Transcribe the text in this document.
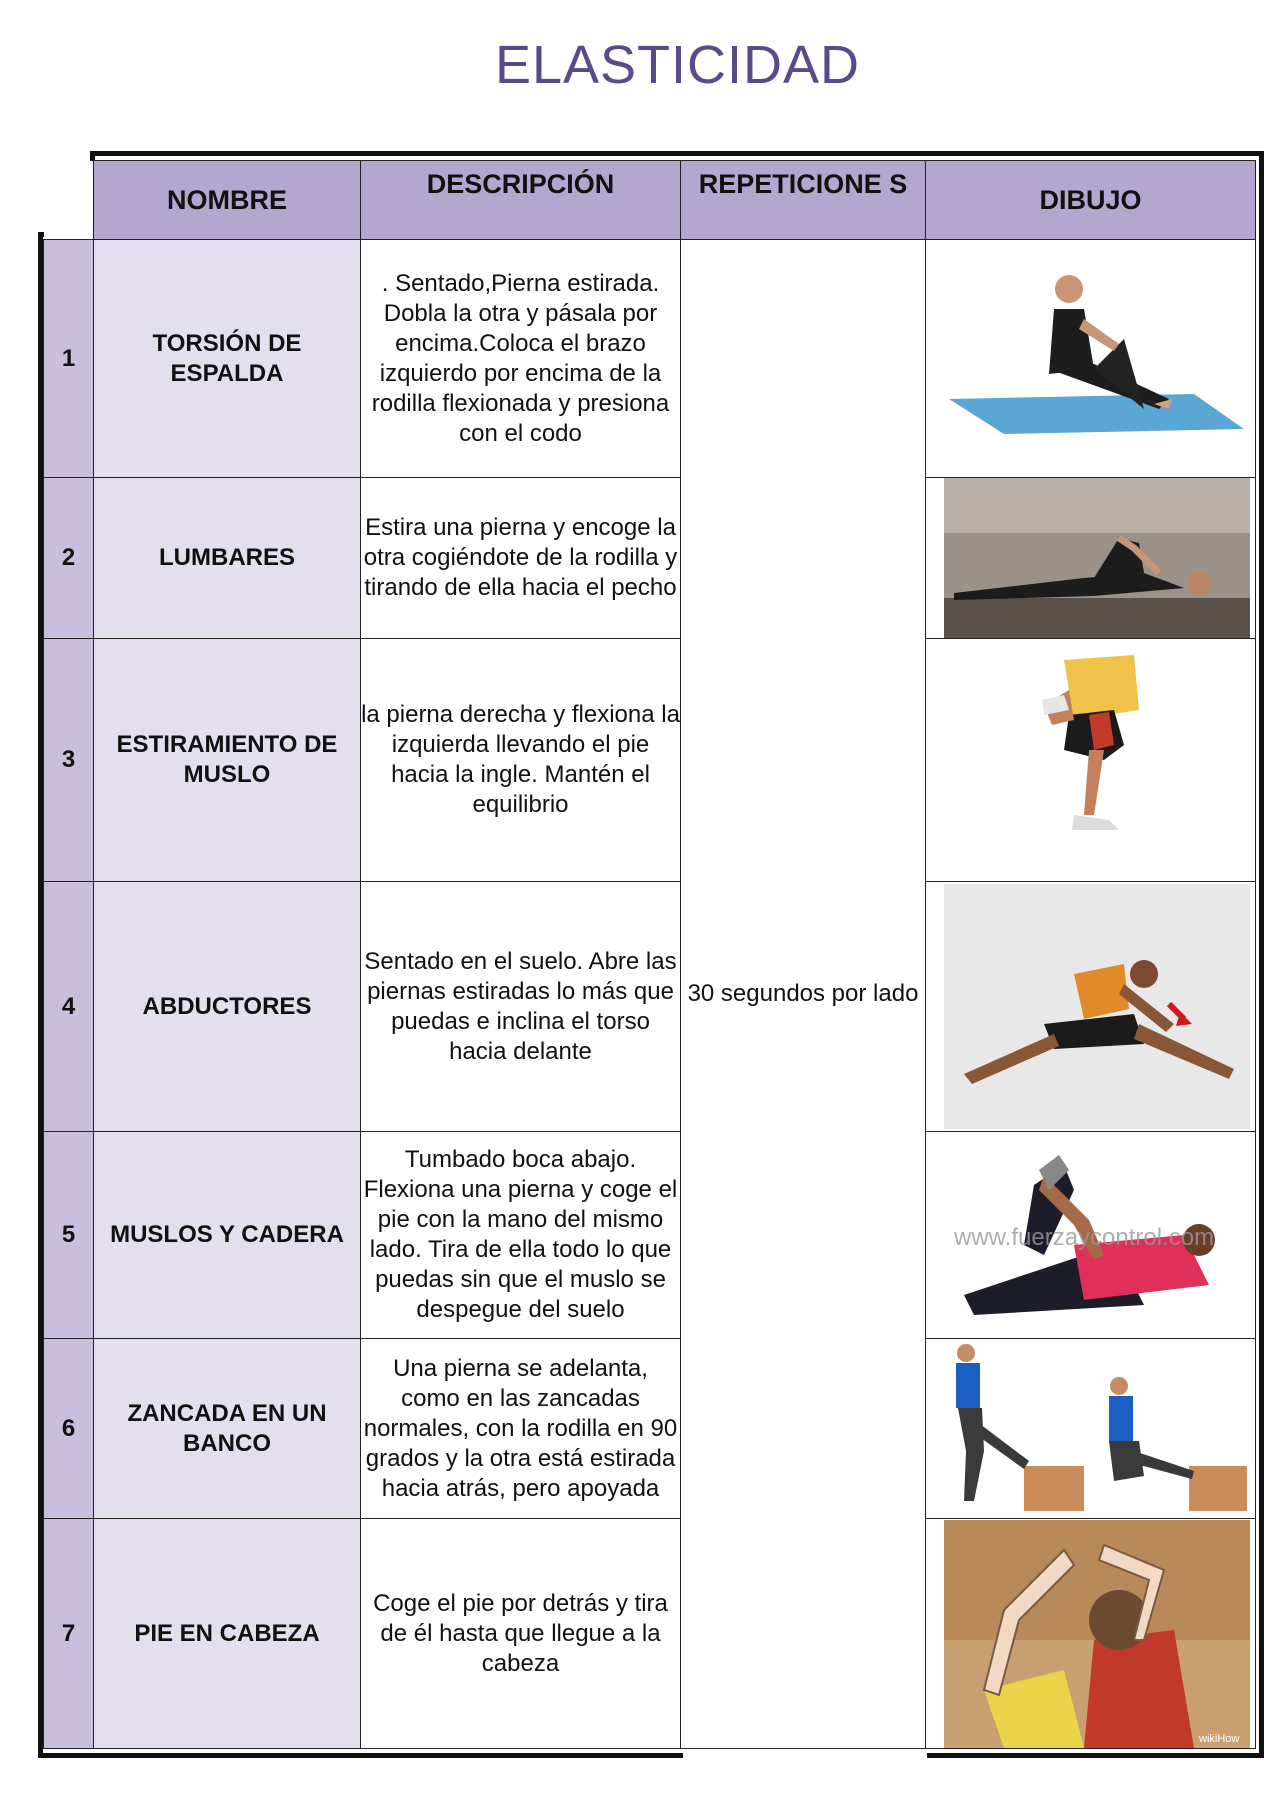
ELASTICIDAD
	NOMBRE	DESCRIPCIÓN	REPETICIONE S	DIBUJO
1	TORSIÓN DE ESPALDA	. Sentado,Pierna estirada. Dobla la otra y pásala por encima.Coloca el brazo izquierdo por encima de la rodilla flexionada y presiona con el codo	30 segundos por lado	

2	LUMBARES	Estira una pierna y encoge la otra cogiéndote de la rodilla y tirando de ella hacia el pecho	

3	ESTIRAMIENTO DE MUSLO	la pierna derecha y flexiona la izquierda llevando el pie hacia la ingle. Mantén el equilibrio	

4	ABDUCTORES	Sentado en el suelo. Abre las piernas estiradas lo más que puedas e inclina el torso hacia delante	

5	MUSLOS Y CADERA	Tumbado boca abajo. Flexiona una pierna y coge el pie con la mano del mismo lado. Tira de ella todo lo que puedas sin que el muslo se despegue del suelo		www.fuerzaycontrol.com

6	ZANCADA EN UN BANCO	Una pierna se adelanta, como en las zancadas normales, con la rodilla en 90 grados y la otra está estirada hacia atrás, pero apoyada	

7	PIE EN CABEZA	Coge el pie por detrás y tira de él hasta que llegue a la cabeza		wikiHow
